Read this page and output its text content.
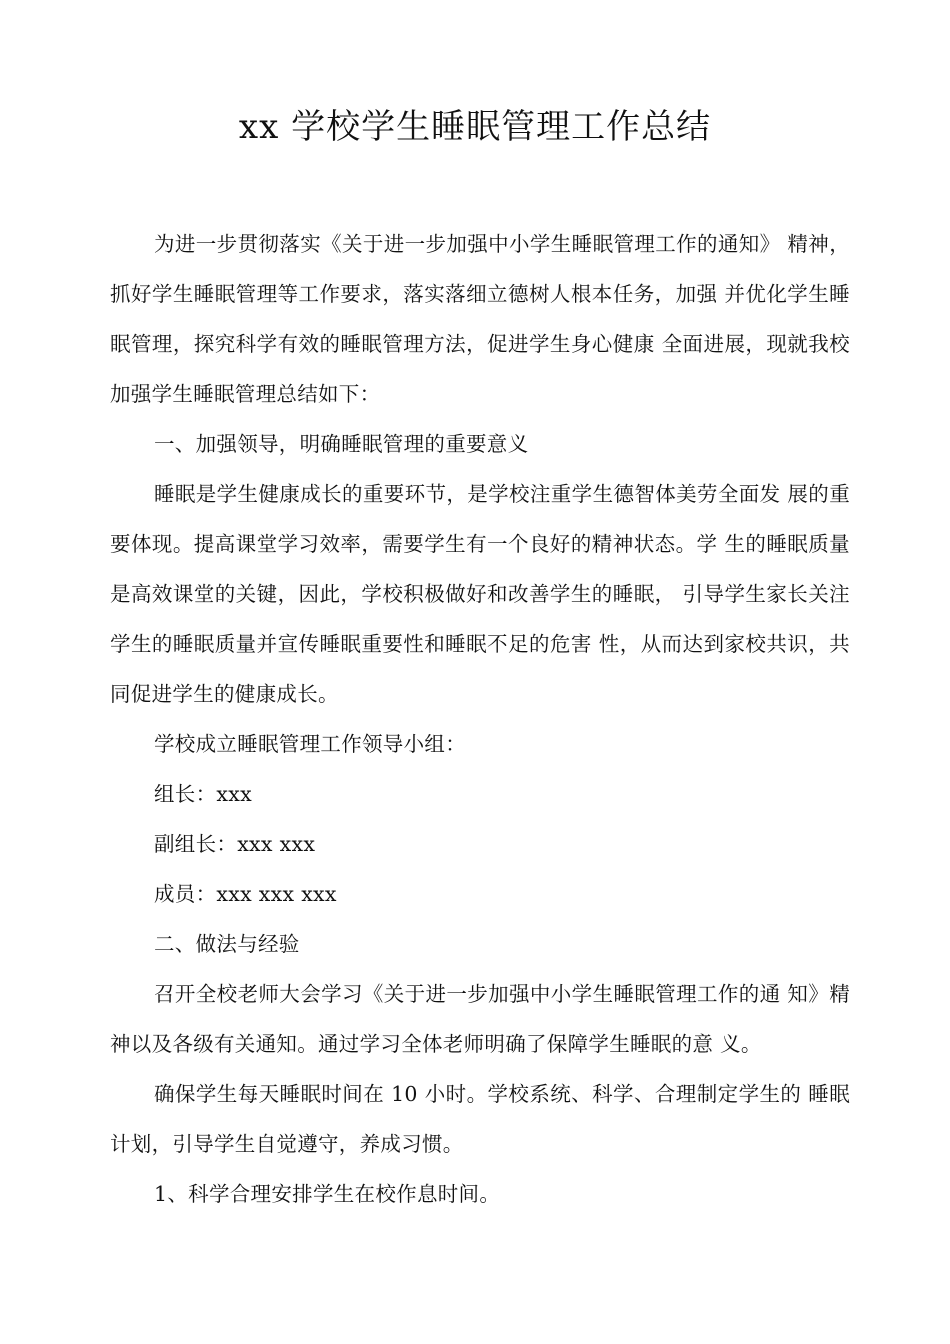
xx 学校学生睡眠管理工作总结

为进一步贯彻落实《关于进一步加强中小学生睡眠管理工作的通知》 精神，抓好学生睡眠管理等工作要求，落实落细立德树人根本任务，加强 并优化学生睡眠管理，探究科学有效的睡眠管理方法，促进学生身心健康 全面进展，现就我校加强学生睡眠管理总结如下：

一、加强领导，明确睡眠管理的重要意义

睡眠是学生健康成长的重要环节，是学校注重学生德智体美劳全面发 展的重要体现。提高课堂学习效率，需要学生有一个良好的精神状态。学 生的睡眠质量是高效课堂的关键，因此，学校积极做好和改善学生的睡眠， 引导学生家长关注学生的睡眠质量并宣传睡眠重要性和睡眠不足的危害 性，从而达到家校共识，共同促进学生的健康成长。

学校成立睡眠管理工作领导小组：

组长：xxx

副组长：xxx xxx

成员：xxx xxx xxx

二、做法与经验

召开全校老师大会学习《关于进一步加强中小学生睡眠管理工作的通 知》精神以及各级有关通知。通过学习全体老师明确了保障学生睡眠的意 义。

确保学生每天睡眠时间在 10 小时。学校系统、科学、合理制定学生的 睡眠计划，引导学生自觉遵守，养成习惯。

1、科学合理安排学生在校作息时间。
